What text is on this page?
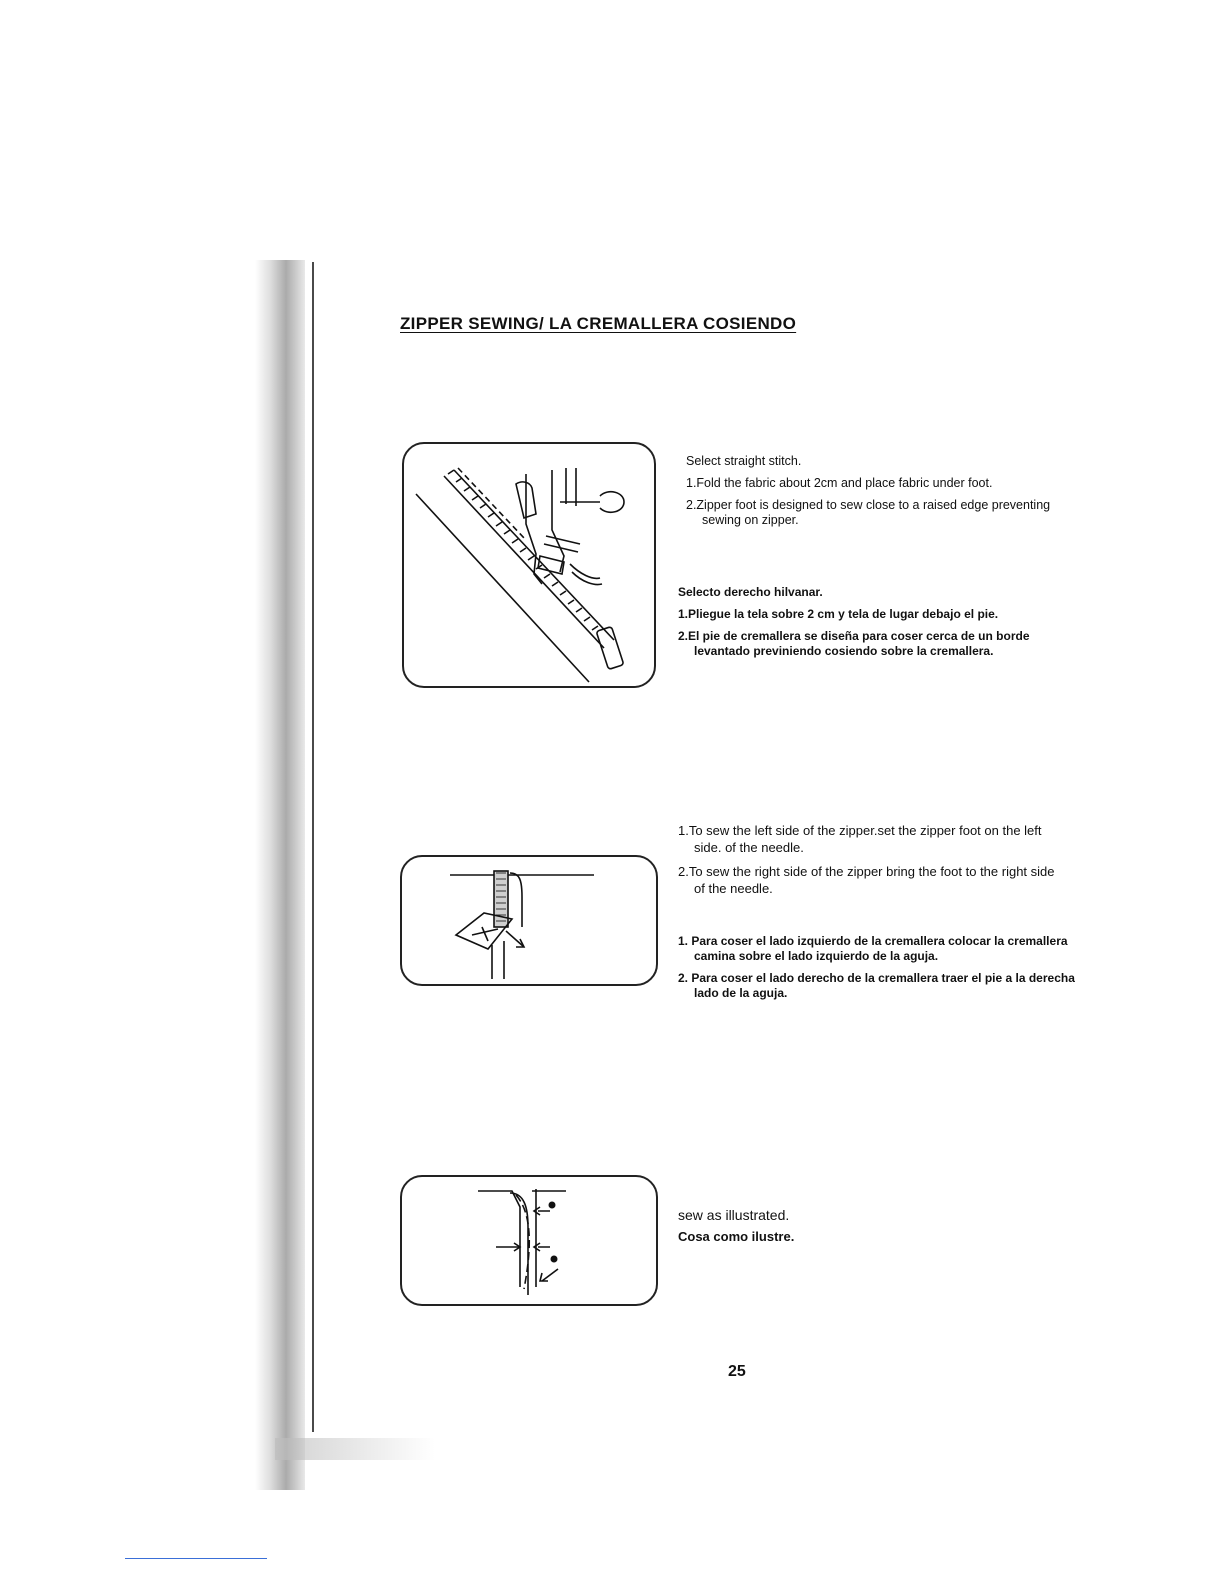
ZIPPER SEWING/ LA CREMALLERA COSIENDO

Select straight stitch.

1.Fold the fabric about 2cm and place fabric under foot.

2.Zipper foot is designed to sew close to a raised edge preventing sewing on zipper.

Selecto derecho hilvanar.

1.Pliegue la tela sobre 2 cm y tela de lugar debajo el pie.

2.El pie de cremallera se diseña para coser cerca de un borde levantado previniendo cosiendo sobre la cremallera.

1.To sew the left side of the zipper.set the zipper foot on the left side. of the needle.

2.To sew the right side of the zipper bring the foot to the right side of the needle.

1. Para coser el lado izquierdo de la cremallera colocar la cremallera camina sobre el lado izquierdo de la aguja.

2. Para coser el lado derecho de la cremallera traer el pie a la derecha lado de la aguja.

sew as illustrated.

Cosa como ilustre.

25
